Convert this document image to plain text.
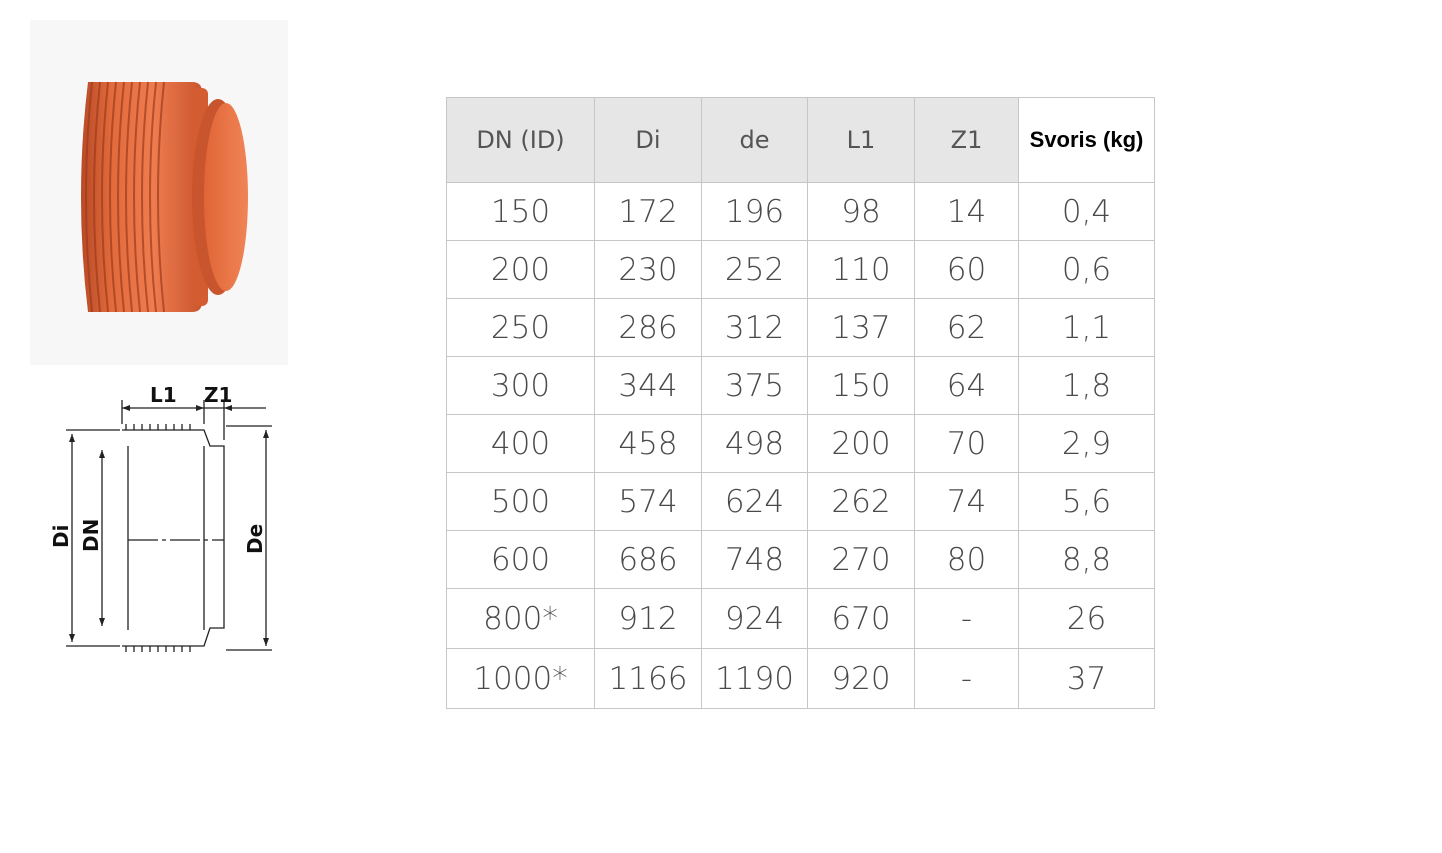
L1 Z1
Di DN	De
DN (ID)	Di	de	L1	Z1	Svoris (kg)
150	172	196	98	14	0,4
200	230	252	110	60	0,6
250	286	312	137	62	1,1
300	344	375	150	64	1,8
400	458	498	200	70	2,9
500	574	624	262	74	5,6
600	686	748	270	80	8,8
800*	912	924	670	-	26
1000*	1166	1190	920	-	37
